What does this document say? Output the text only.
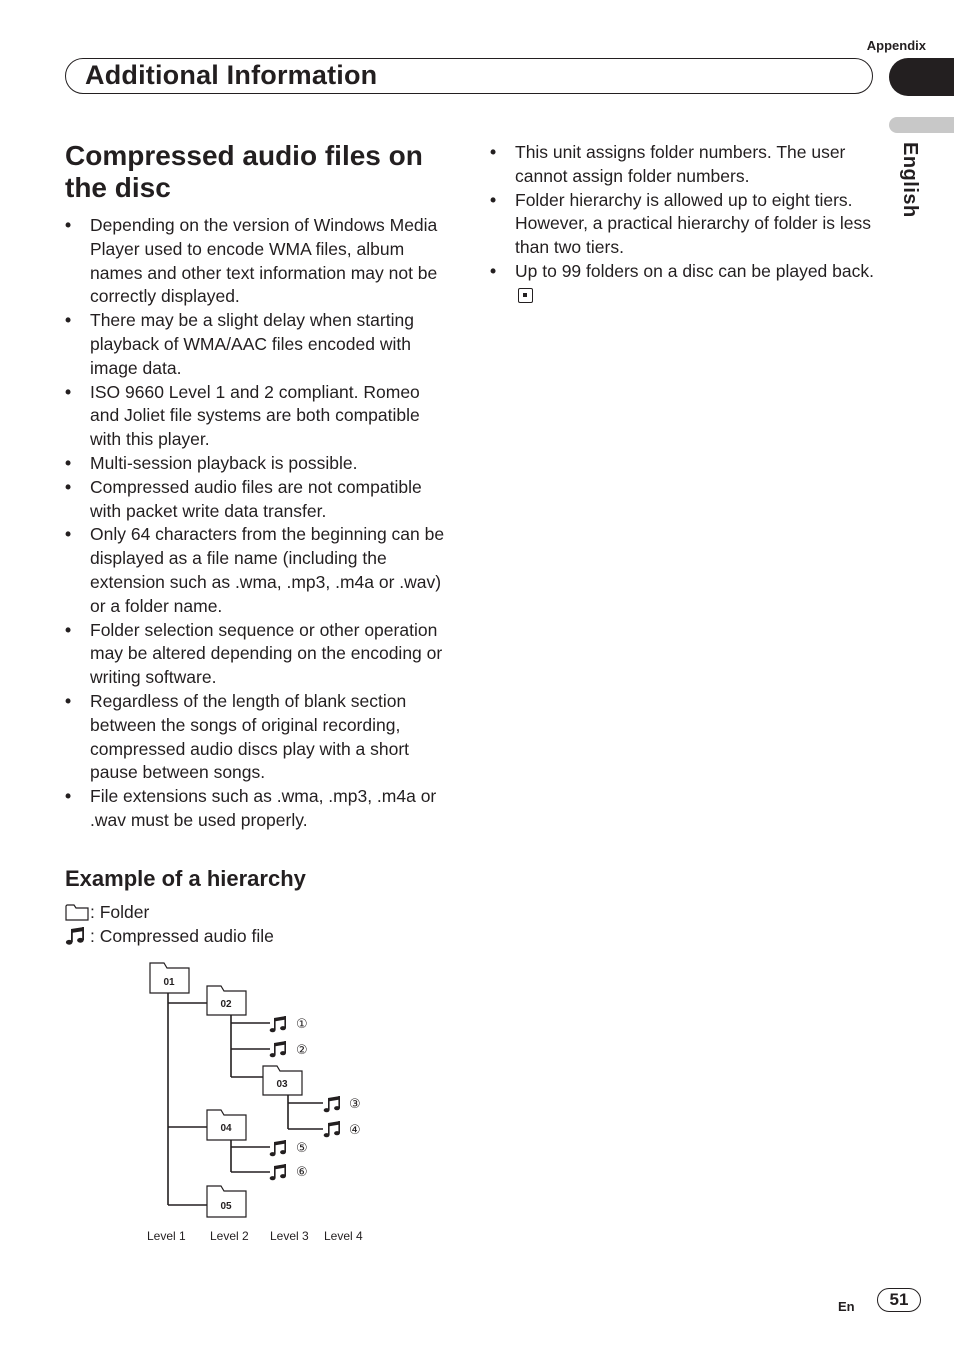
Appendix
Additional Information
English
Compressed audio files on the disc
• Depending on the version of Windows Media Player used to encode WMA files, album names and other text information may not be correctly displayed.
• There may be a slight delay when starting playback of WMA/AAC files encoded with image data.
• ISO 9660 Level 1 and 2 compliant. Romeo and Joliet file systems are both compatible with this player.
• Multi-session playback is possible.
• Compressed audio files are not compatible with packet write data transfer.
• Only 64 characters from the beginning can be displayed as a file name (including the extension such as .wma, .mp3, .m4a or .wav) or a folder name.
• Folder selection sequence or other operation may be altered depending on the encoding or writing software.
• Regardless of the length of blank section between the songs of original recording, compressed audio discs play with a short pause between songs.
• File extensions such as .wma, .mp3, .m4a or .wav must be used properly.
• This unit assigns folder numbers. The user cannot assign folder numbers.
• Folder hierarchy is allowed up to eight tiers. However, a practical hierarchy of folder is less than two tiers.
• Up to 99 folders on a disc can be played back.
Example of a hierarchy
: Folder
: Compressed audio file
01
02
03
04
05
①
②
③
④
⑤
⑥
Level 1 Level 2 Level 3 Level 4
En	51
